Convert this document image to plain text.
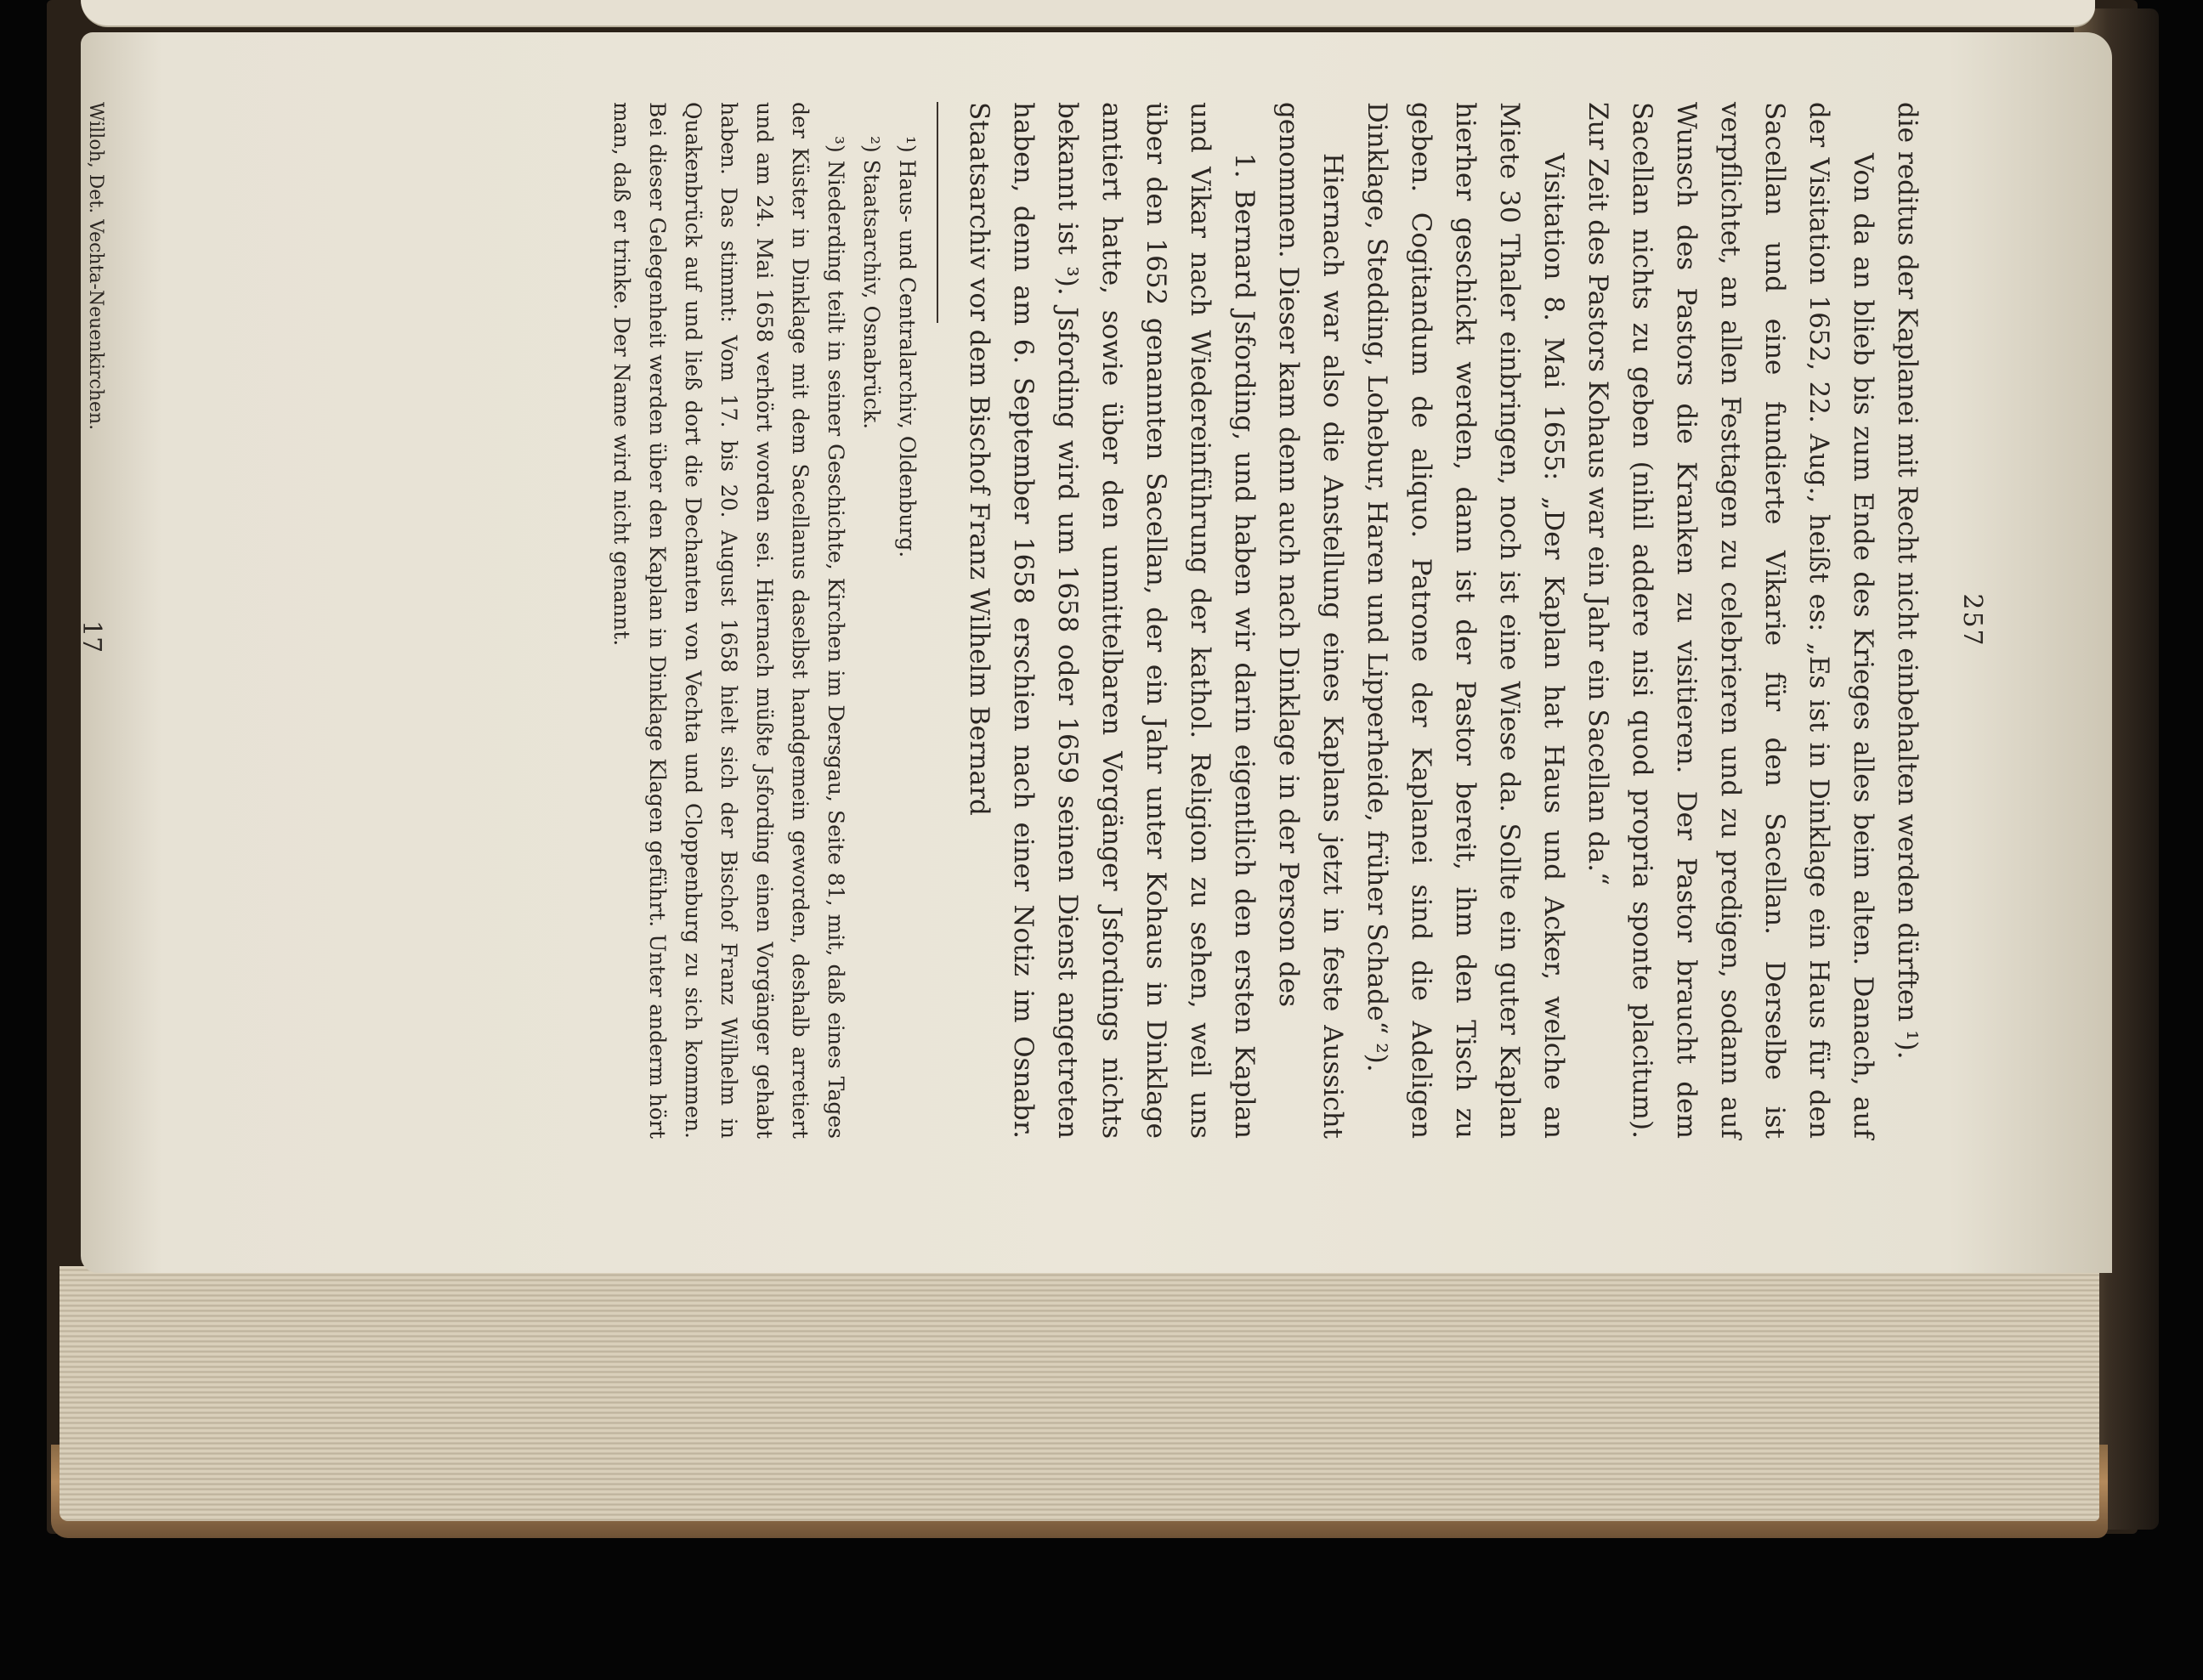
257

die reditus der Kaplanei mit Recht nicht einbehalten werden dürften ¹).

Von da an blieb bis zum Ende des Krieges alles beim alten. Danach, auf der Visitation 1652, 22. Aug., heißt es: „Es ist in Dinklage ein Haus für den Sacellan und eine fundierte Vikarie für den Sacellan. Derselbe ist verpflichtet, an allen Festtagen zu celebrieren und zu predigen, sodann auf Wunsch des Pastors die Kranken zu visitieren. Der Pastor braucht dem Sacellan nichts zu geben (nihil addere nisi quod propria sponte placitum). Zur Zeit des Pastors Kohaus war ein Jahr ein Sacellan da.“

Visitation 8. Mai 1655: „Der Kaplan hat Haus und Acker, welche an Miete 30 Thaler einbringen, noch ist eine Wiese da. Sollte ein guter Kaplan hierher geschickt werden, dann ist der Pastor bereit, ihm den Tisch zu geben. Cogitandum de aliquo. Patrone der Kaplanei sind die Adeligen Dinklage, Stedding, Lohebur, Haren und Lipperheide, früher Schade“ ²).

Hiernach war also die Anstellung eines Kaplans jetzt in feste Aussicht genommen. Dieser kam denn auch nach Dinklage in der Person des

1. Bernard Jsfording, und haben wir darin eigentlich den ersten Kaplan und Vikar nach Wiedereinführung der kathol. Religion zu sehen, weil uns über den 1652 genannten Sacellan, der ein Jahr unter Kohaus in Dinklage amtiert hatte, sowie über den unmittelbaren Vorgänger Jsfordings nichts bekannt ist ³). Jsfording wird um 1658 oder 1659 seinen Dienst angetreten haben, denn am 6. September 1658 erschien nach einer Notiz im Osnabr. Staatsarchiv vor dem Bischof Franz Wilhelm Bernard

¹) Haus- und Centralarchiv, Oldenburg.

²) Staatsarchiv, Osnabrück.

³) Niederding teilt in seiner Geschichte, Kirchen im Dersgau, Seite 81, mit, daß eines Tages der Küster in Dinklage mit dem Sacellanus daselbst handgemein geworden, deshalb arretiert und am 24. Mai 1658 verhört worden sei. Hiernach müßte Jsfording einen Vorgänger gehabt haben. Das stimmt: Vom 17. bis 20. August 1658 hielt sich der Bischof Franz Wilhelm in Quakenbrück auf und ließ dort die Dechanten von Vechta und Cloppenburg zu sich kommen. Bei dieser Gelegenheit werden über den Kaplan in Dinklage Klagen geführt. Unter anderm hört man, daß er trinke. Der Name wird nicht genannt.

Willoh, Det. Vechta-Neuenkirchen.
17
